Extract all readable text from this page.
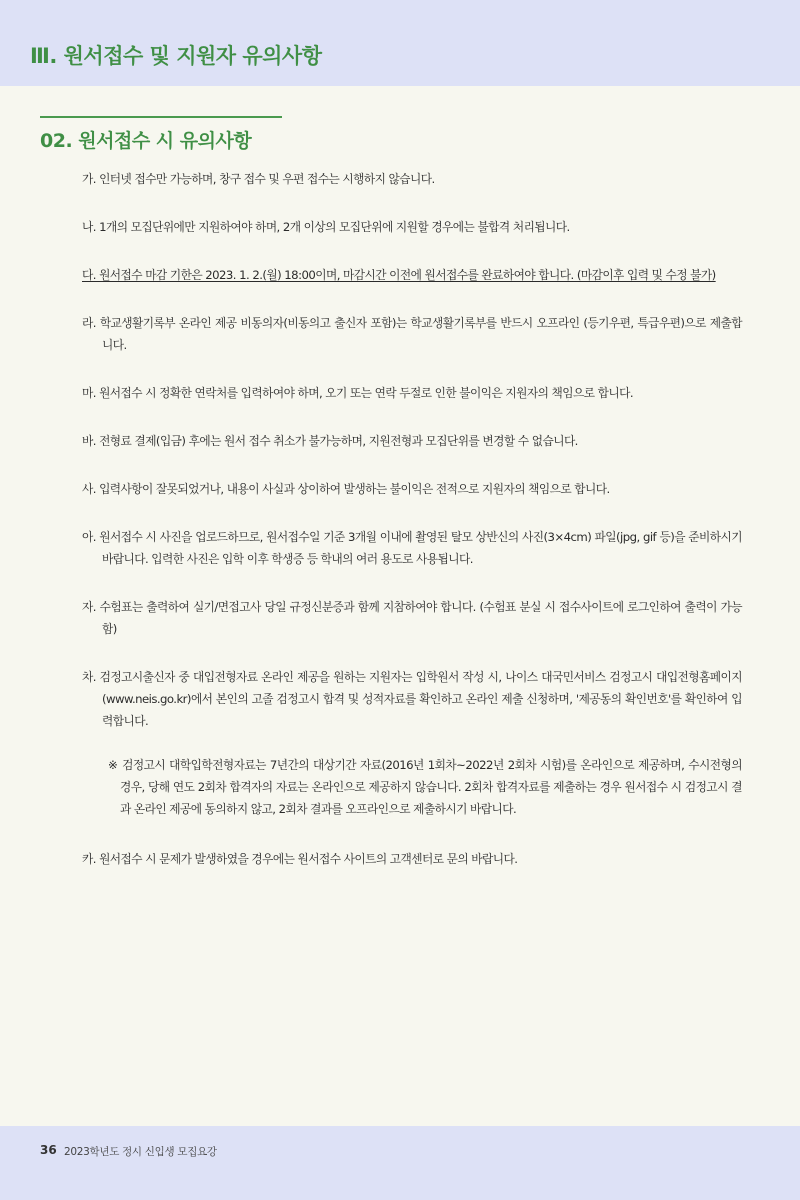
Ⅲ. 원서접수 및 지원자 유의사항
02. 원서접수 시 유의사항
가. 인터넷 접수만 가능하며, 창구 접수 및 우편 접수는 시행하지 않습니다.
나. 1개의 모집단위에만 지원하여야 하며, 2개 이상의 모집단위에 지원할 경우에는 불합격 처리됩니다.
다. 원서접수 마감 기한은 2023. 1. 2.(월) 18:00이며, 마감시간 이전에 원서접수를 완료하여야 합니다. (마감이후 입력 및 수정 불가)
라. 학교생활기록부 온라인 제공 비동의자(비동의고 출신자 포함)는 학교생활기록부를 반드시 오프라인 (등기우편, 특급우편)으로 제출합니다.
마. 원서접수 시 정확한 연락처를 입력하여야 하며, 오기 또는 연락 두절로 인한 불이익은 지원자의 책임으로 합니다.
바. 전형료 결제(입금) 후에는 원서 접수 취소가 불가능하며, 지원전형과 모집단위를 변경할 수 없습니다.
사. 입력사항이 잘못되었거나, 내용이 사실과 상이하여 발생하는 불이익은 전적으로 지원자의 책임으로 합니다.
아. 원서접수 시 사진을 업로드하므로, 원서접수일 기준 3개월 이내에 촬영된 탈모 상반신의 사진(3×4cm) 파일(jpg, gif 등)을 준비하시기 바랍니다. 입력한 사진은 입학 이후 학생증 등 학내의 여러 용도로 사용됩니다.
자. 수험표는 출력하여 실기/면접고사 당일 규정신분증과 함께 지참하여야 합니다. (수험표 분실 시 접수사이트에 로그인하여 출력이 가능함)
차. 검정고시출신자 중 대입전형자료 온라인 제공을 원하는 지원자는 입학원서 작성 시, 나이스 대국민서비스 검정고시 대입전형홈페이지(www.neis.go.kr)에서 본인의 고졸 검정고시 합격 및 성적자료를 확인하고 온라인 제출 신청하며, '제공동의 확인번호'를 확인하여 입력합니다.
※ 검정고시 대학입학전형자료는 7년간의 대상기간 자료(2016년 1회차~2022년 2회차 시험)를 온라인으로 제공하며, 수시전형의 경우, 당해 연도 2회차 합격자의 자료는 온라인으로 제공하지 않습니다. 2회차 합격자료를 제출하는 경우 원서접수 시 검정고시 결과 온라인 제공에 동의하지 않고, 2회차 결과를 오프라인으로 제출하시기 바랍니다.
카. 원서접수 시 문제가 발생하였을 경우에는 원서접수 사이트의 고객센터로 문의 바랍니다.
36 2023학년도 정시 신입생 모집요강
